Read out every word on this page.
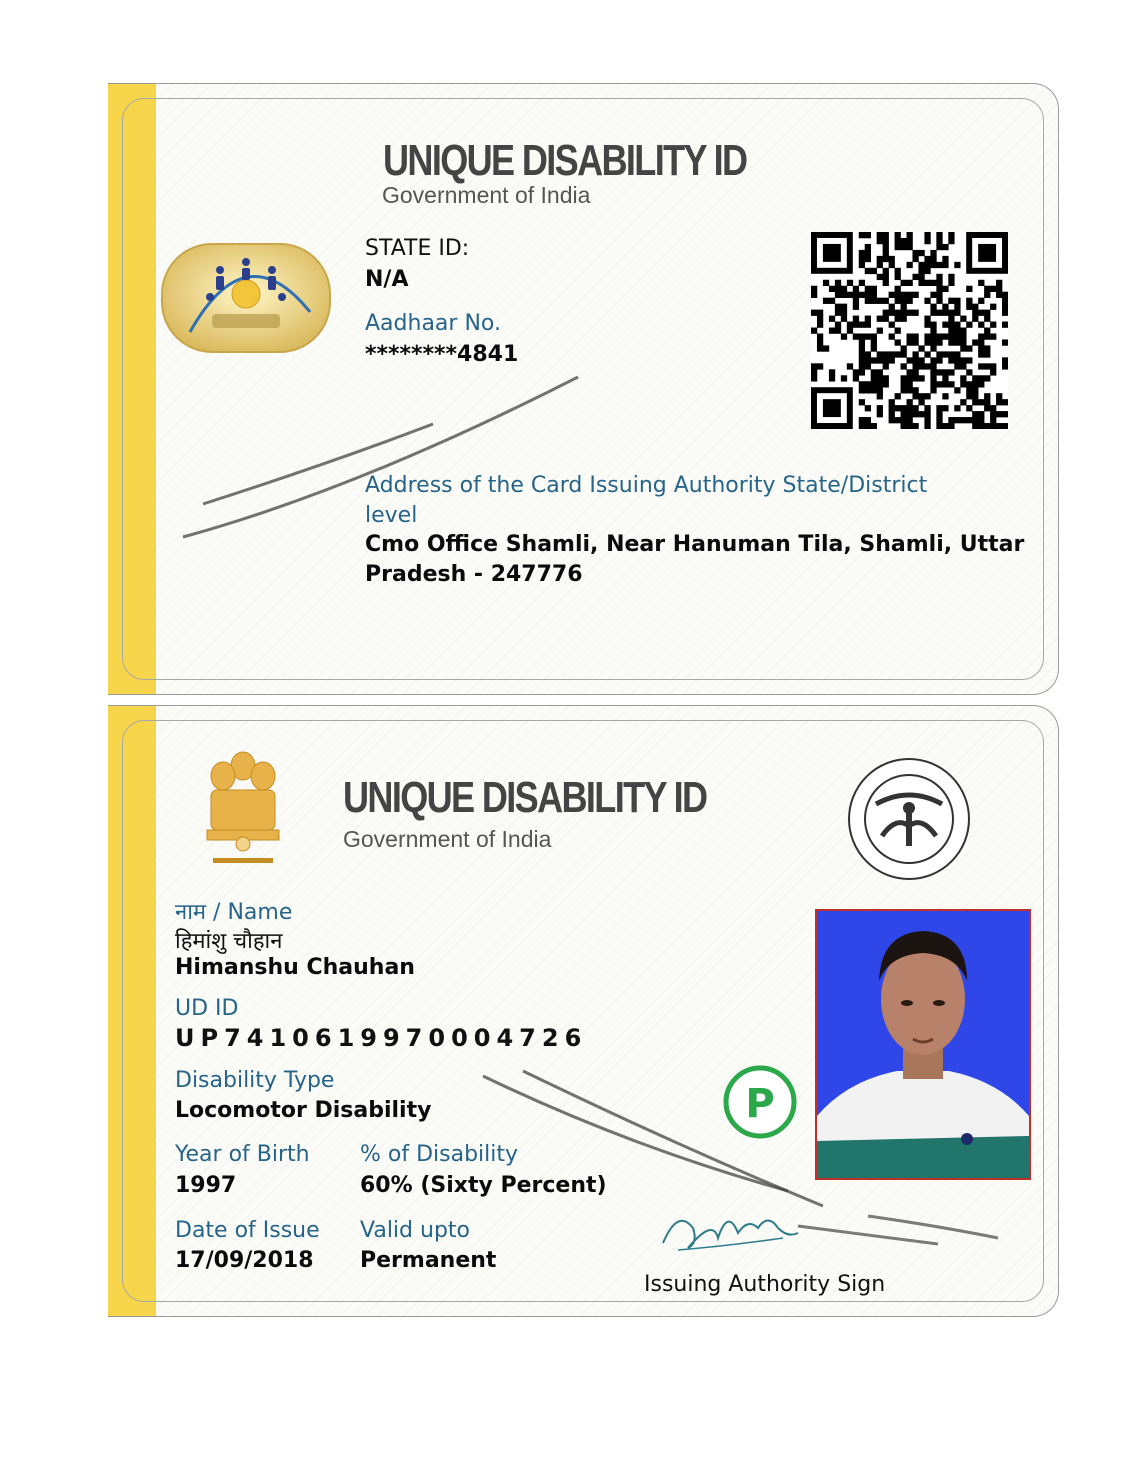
UNIQUE DISABILITY ID
Government of India
STATE ID:
N/A
Aadhaar No.
********4841
Address of the Card Issuing Authority State/District level
Cmo Office Shamli, Near Hanuman Tila, Shamli, Uttar Pradesh - 247776
UNIQUE DISABILITY ID
Government of India
नाम / Name
हिमांशु चौहान
Himanshu Chauhan
UD ID
UP74106199700047​26
Disability Type
Locomotor Disability
Year of Birth
1997
% of Disability
60% (Sixty Percent)
Date of Issue
17/09/2018
Valid upto
Permanent
P
Issuing Authority Sign
